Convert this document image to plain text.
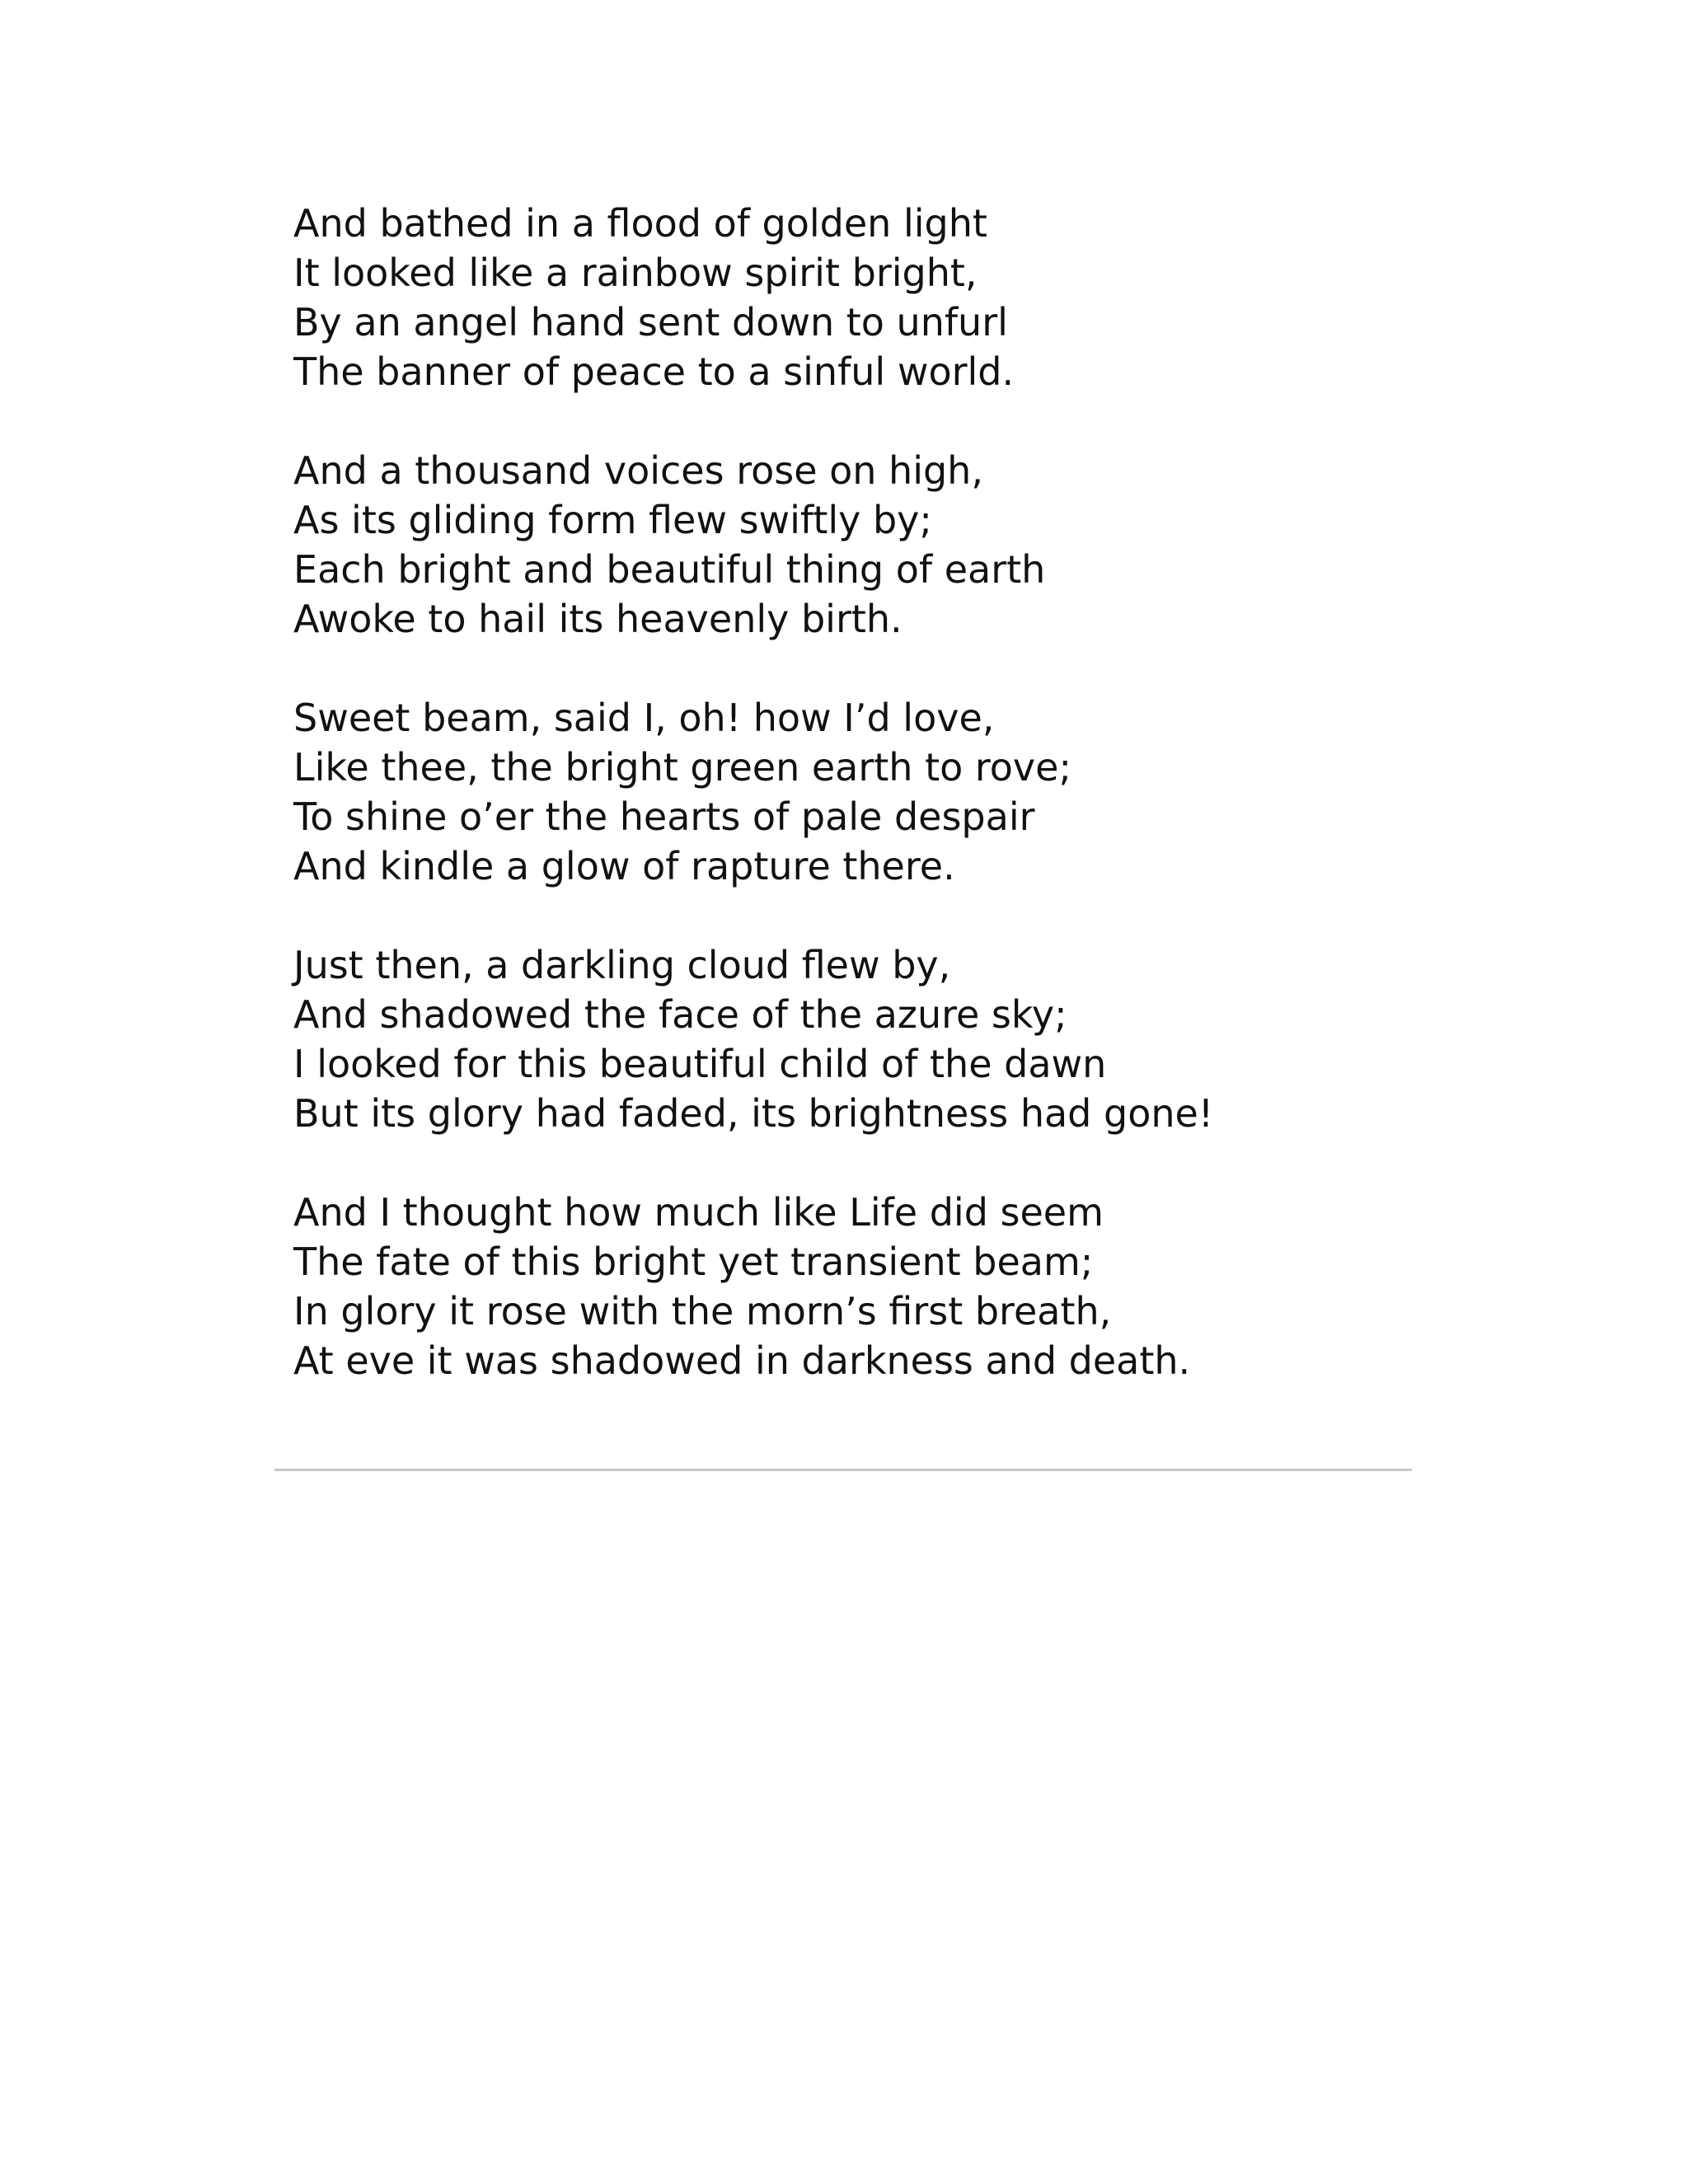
And bathed in a flood of golden light
It looked like a rainbow spirit bright,
By an angel hand sent down to unfurl
The banner of peace to a sinful world.
And a thousand voices rose on high,
As its gliding form flew swiftly by;
Each bright and beautiful thing of earth
Awoke to hail its heavenly birth.
Sweet beam, said I, oh! how I’d love,
Like thee, the bright green earth to rove;
To shine o’er the hearts of pale despair
And kindle a glow of rapture there.
Just then, a darkling cloud flew by,
And shadowed the face of the azure sky;
I looked for this beautiful child of the dawn
But its glory had faded, its brightness had gone!
And I thought how much like Life did seem
The fate of this bright yet transient beam;
In glory it rose with the morn’s first breath,
At eve it was shadowed in darkness and death.
